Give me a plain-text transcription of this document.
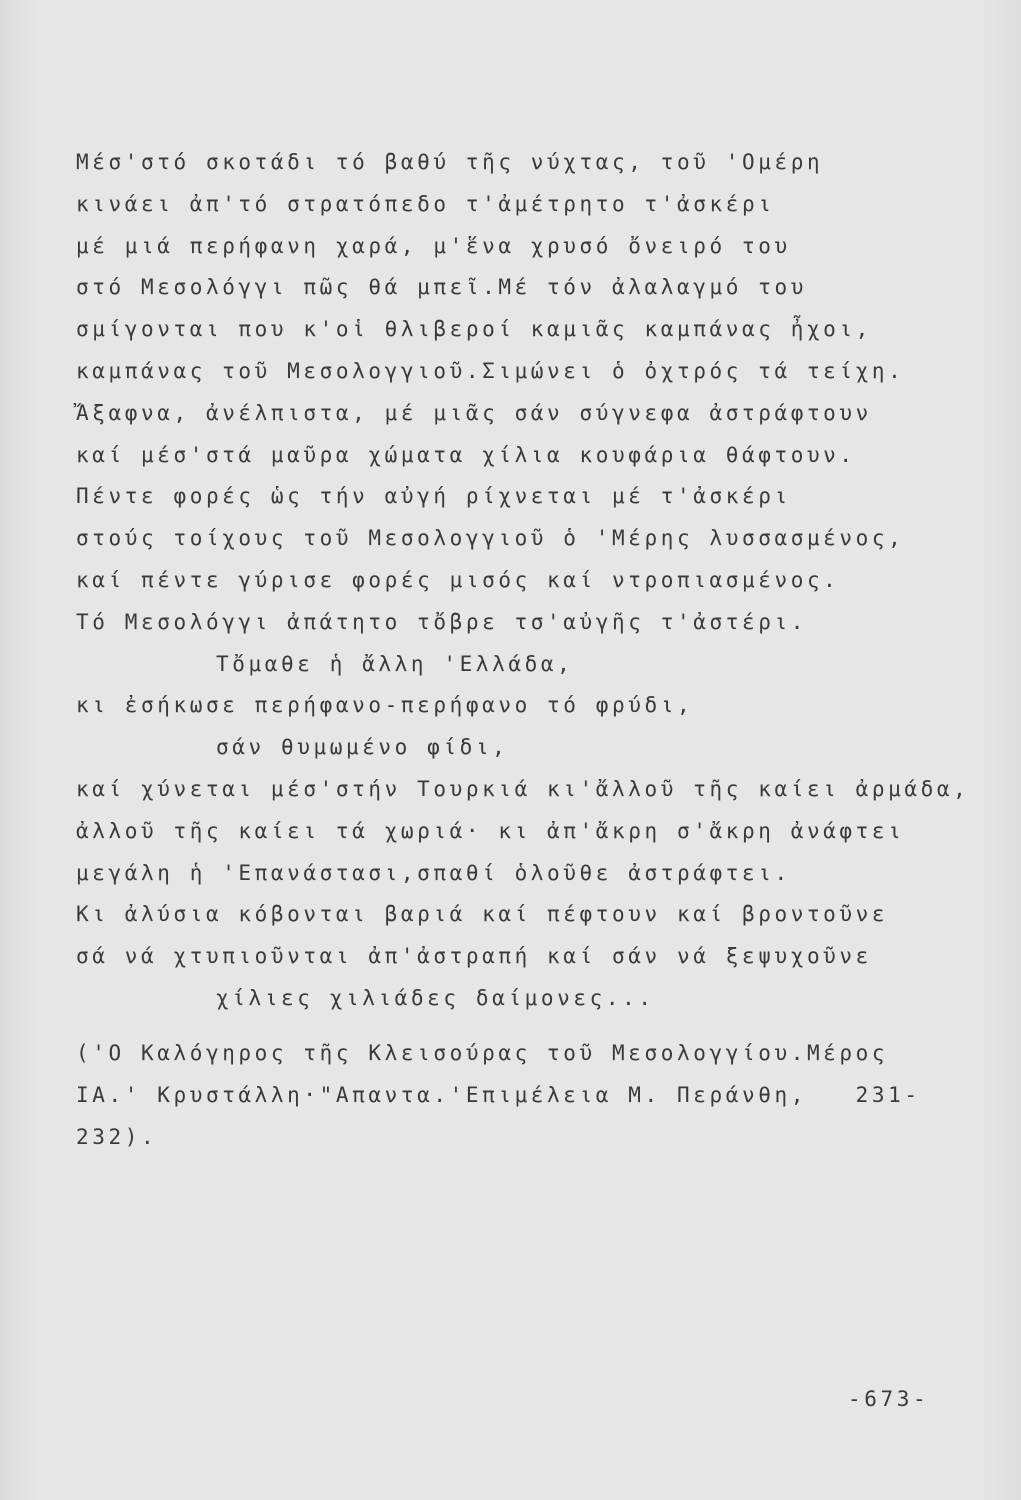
Μέσ'στό σκοτάδι τό βαθύ τῆς νύχτας, τοῦ 'Ομέρη
κινάει ἀπ'τό στρατόπεδο τ'ἀμέτρητο τ'ἀσκέρι
μέ μιά περήφανη χαρά, μ'ἕνα χρυσό ὄνειρό του
στό Μεσολόγγι πῶς θά μπεῖ.Μέ τόν ἀλαλαγμό του
σμίγονται που κ'οἱ θλιβεροί καμιᾶς καμπάνας ἦχοι,
καμπάνας τοῦ Μεσολογγιοῦ.Σιμώνει ὁ ὀχτρός τά τείχη.
Ἄξαφνα, ἀνέλπιστα, μέ μιᾶς σάν σύγνεφα ἀστράφτουν
καί μέσ'στά μαῦρα χώματα χίλια κουφάρια θάφτουν.
Πέντε φορές ὡς τήν αὐγή ρίχνεται μέ τ'ἀσκέρι
στούς τοίχους τοῦ Μεσολογγιοῦ ὁ 'Μέρης λυσσασμένος,
καί πέντε γύρισε φορές μισός καί ντροπιασμένος.
Τό Μεσολόγγι ἀπάτητο τὄβρε τσ'αὐγῆς τ'ἀστέρι.
Τὄμαθε ἡ ἄλλη 'Ελλάδα,
κι ἐσήκωσε περήφανο-περήφανο τό φρύδι,
σάν θυμωμένο φίδι,
καί χύνεται μέσ'στήν Τουρκιά κι'ἄλλοῦ τῆς καίει ἀρμάδα,
ἀλλοῦ τῆς καίει τά χωριά· κι ἀπ'ἄκρη σ'ἄκρη ἀνάφτει
μεγάλη ἡ 'Επανάστασι,σπαθί ὁλοῦθε ἀστράφτει.
Κι ἀλύσια κόβονται βαριά καί πέφτουν καί βροντοῦνε
σά νά χτυπιοῦνται ἀπ'ἀστραπή καί σάν νά ξεψυχοῦνε
χίλιες χιλιάδες δαίμονες...
('Ο Καλόγηρος τῆς Κλεισούρας τοῦ Μεσολογγίου.Μέρος
ΙΑ.' Κρυστάλλη·"Απαντα.'Επιμέλεια Μ. Περάνθη,   231-
232).
-673-
